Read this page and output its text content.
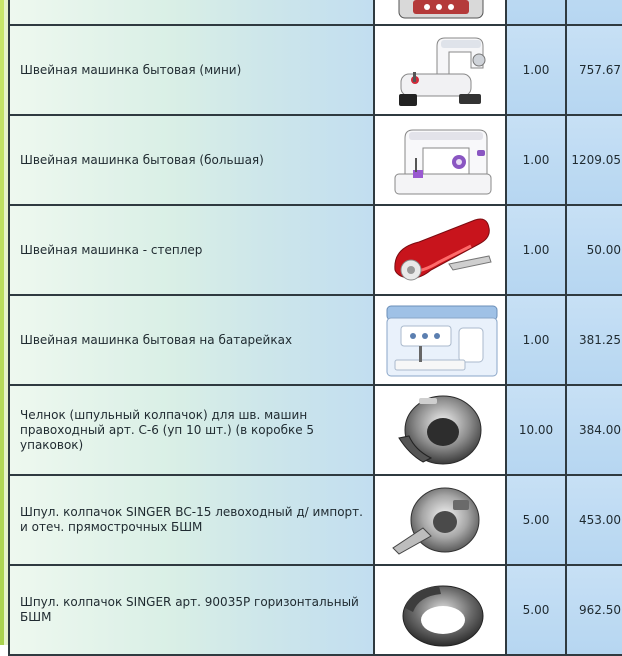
Швейная машинка бытовая (мини)		1.00	757.67

Швейная машинка бытовая (большая)		1.00	1209.05

Швейная машинка - степлер		1.00	50.00

Швейная машинка бытовая на батарейках		1.00	381.25

Челнок (шпульный колпачок) для шв. машин правоходный арт. С-6 (уп 10 шт.) (в коробке 5 упаковок)		10.00	384.00

Шпул. колпачок SINGER ВС-15 левоходный д/ импорт. и отеч. прямострочных БШМ		5.00	453.00

Шпул. колпачок SINGER арт. 90035Р горизонтальный БШМ		5.00	962.50
